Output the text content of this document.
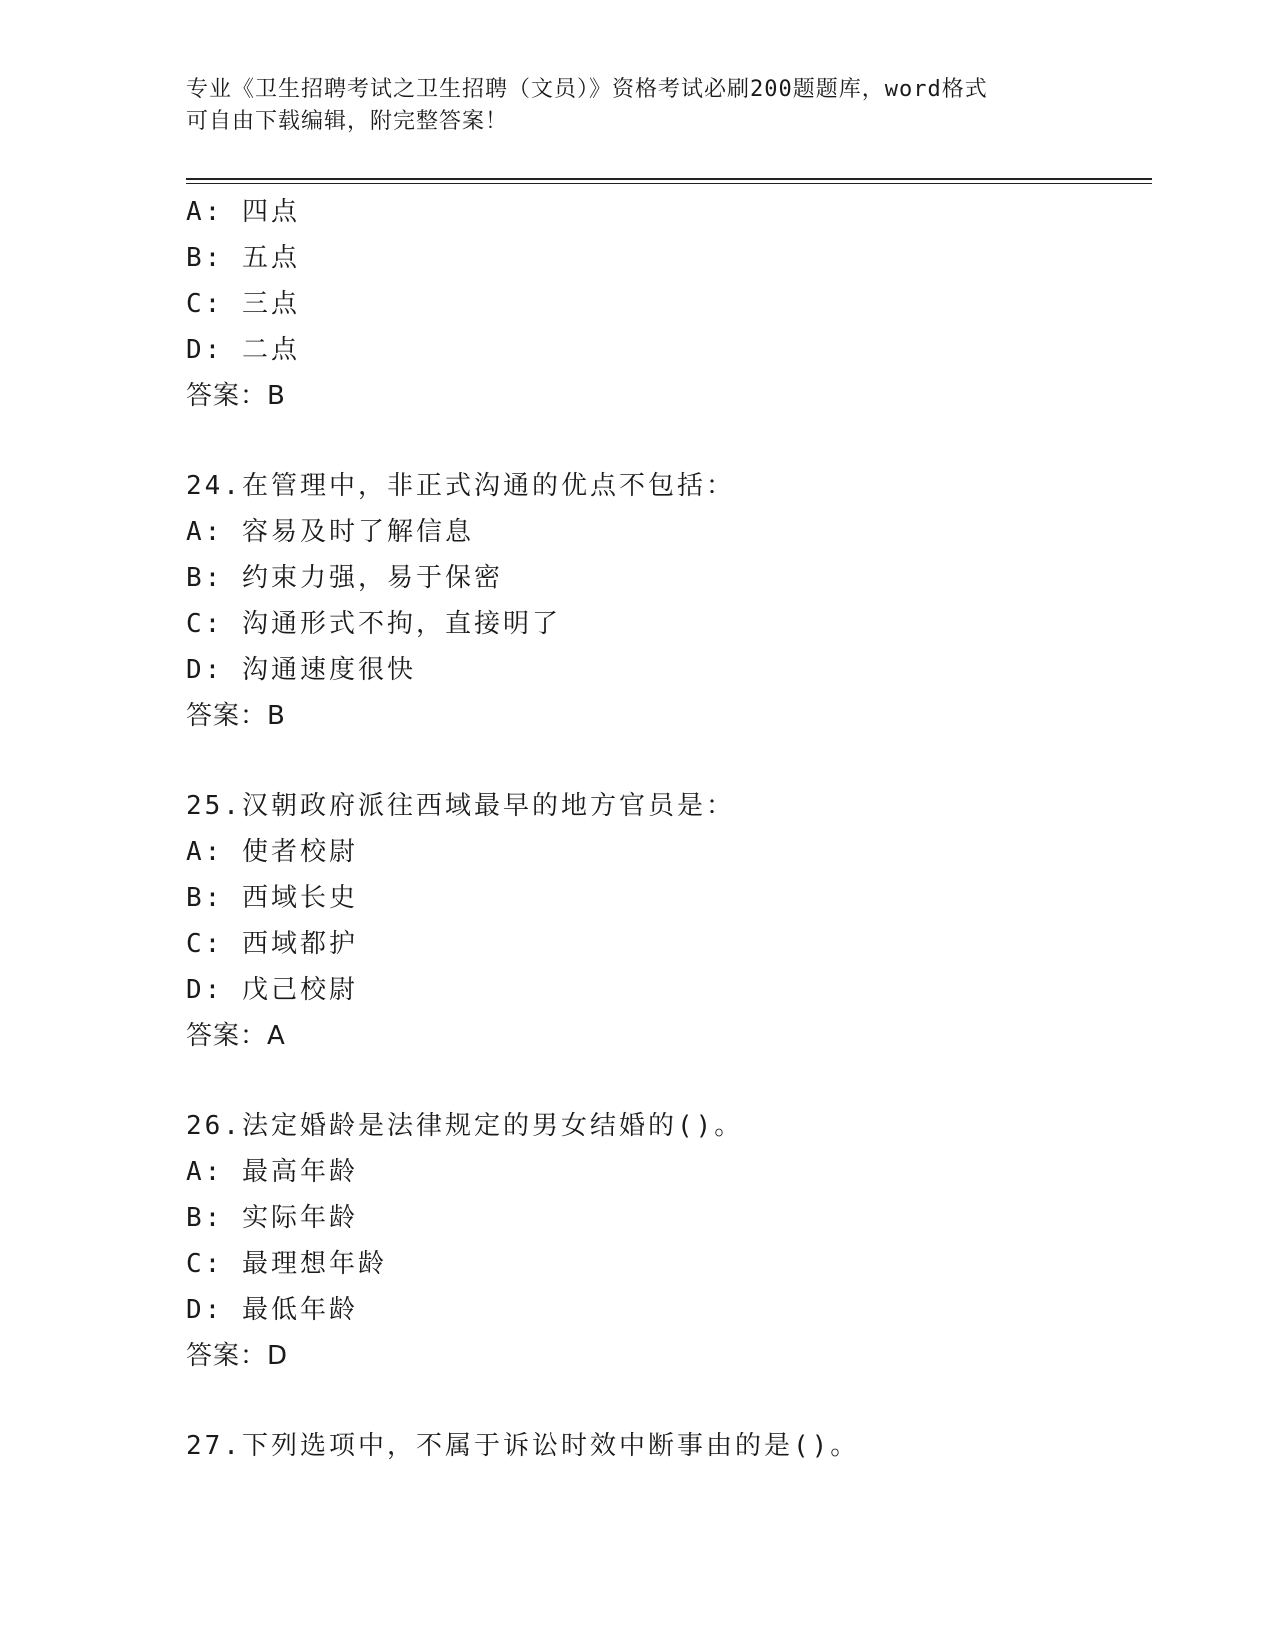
专业《卫生招聘考试之卫生招聘（文员）》资格考试必刷200题题库，word格式
可自由下载编辑，附完整答案！
A: 四点
B: 五点
C: 三点
D: 二点
答案：B
24.在管理中，非正式沟通的优点不包括：
A: 容易及时了解信息
B: 约束力强，易于保密
C: 沟通形式不拘，直接明了
D: 沟通速度很快
答案：B
25.汉朝政府派往西域最早的地方官员是：
A: 使者校尉
B: 西域长史
C: 西域都护
D: 戊己校尉
答案：A
26.法定婚龄是法律规定的男女结婚的()。
A: 最高年龄
B: 实际年龄
C: 最理想年龄
D: 最低年龄
答案：D
27.下列选项中，不属于诉讼时效中断事由的是()。
